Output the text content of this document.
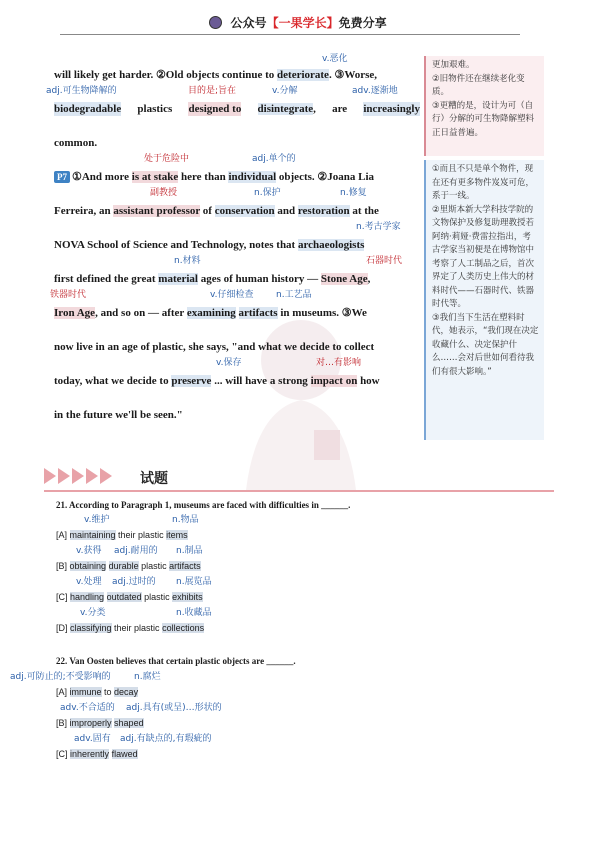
公众号【一果学长】免费分享
v.恶化
will likely get harder. ②Old objects continue to deteriorate. ③Worse,
adj.可生物降解的	目的是;旨在	v.分解	adv.逐渐地
biodegradable plastics designed to disintegrate, are increasingly
common.
处于危险中	adj.单个的
P7 ①And more is at stake here than individual objects. ②Joana Lia
副教授	n.保护	n.修复
Ferreira, an assistant professor of conservation and restoration at the
n.考古学家
NOVA School of Science and Technology, notes that archaeologists
n.材料	石器时代
first defined the great material ages of human history — Stone Age,
铁器时代	v.仔细检查	n.工艺品
Iron Age, and so on — after examining artifacts in museums. ③We
now live in an age of plastic, she says, "and what we decide to collect
v.保存	对…有影响
today, what we decide to preserve ... will have a strong impact on how
in the future we'll be seen."

更加艰难。

②旧物件还在继续老化变质。

③更糟的是，设计为可（自行）分解的可生物降解塑料正日益普遍。

①而且不只是单个物件，现在还有更多物件岌岌可危，系于一线。

②里斯本新大学科技学院的文物保护及修复助理教授若阿纳·莉娅·费雷拉指出，考古学家当初便是在博物馆中考察了人工制品之后，首次界定了人类历史上伟大的材料时代——石器时代、铁器时代等。

③我们当下生活在塑料时代，她表示，“我们现在决定收藏什么、决定保护什么……会对后世如何看待我们有很大影响。”

试题
21. According to Paragraph 1, museums are faced with difficulties in ______.
v.维护	n.物品
[A] maintaining their plastic items
v.获得 adj.耐用的 n.制品
[B] obtaining durable plastic artifacts
v.处理 adj.过时的 n.展览品
[C] handling outdated plastic exhibits
v.分类	n.收藏品
[D] classifying their plastic collections
22. Van Oosten believes that certain plastic objects are ______.
adj.可防止的;不受影响的	n.腐烂
[A] immune to decay
adv.不合适的 adj.具有(或呈)…形状的
[B] improperly shaped
adv.固有 adj.有缺点的,有瑕疵的
[C] inherently flawed
